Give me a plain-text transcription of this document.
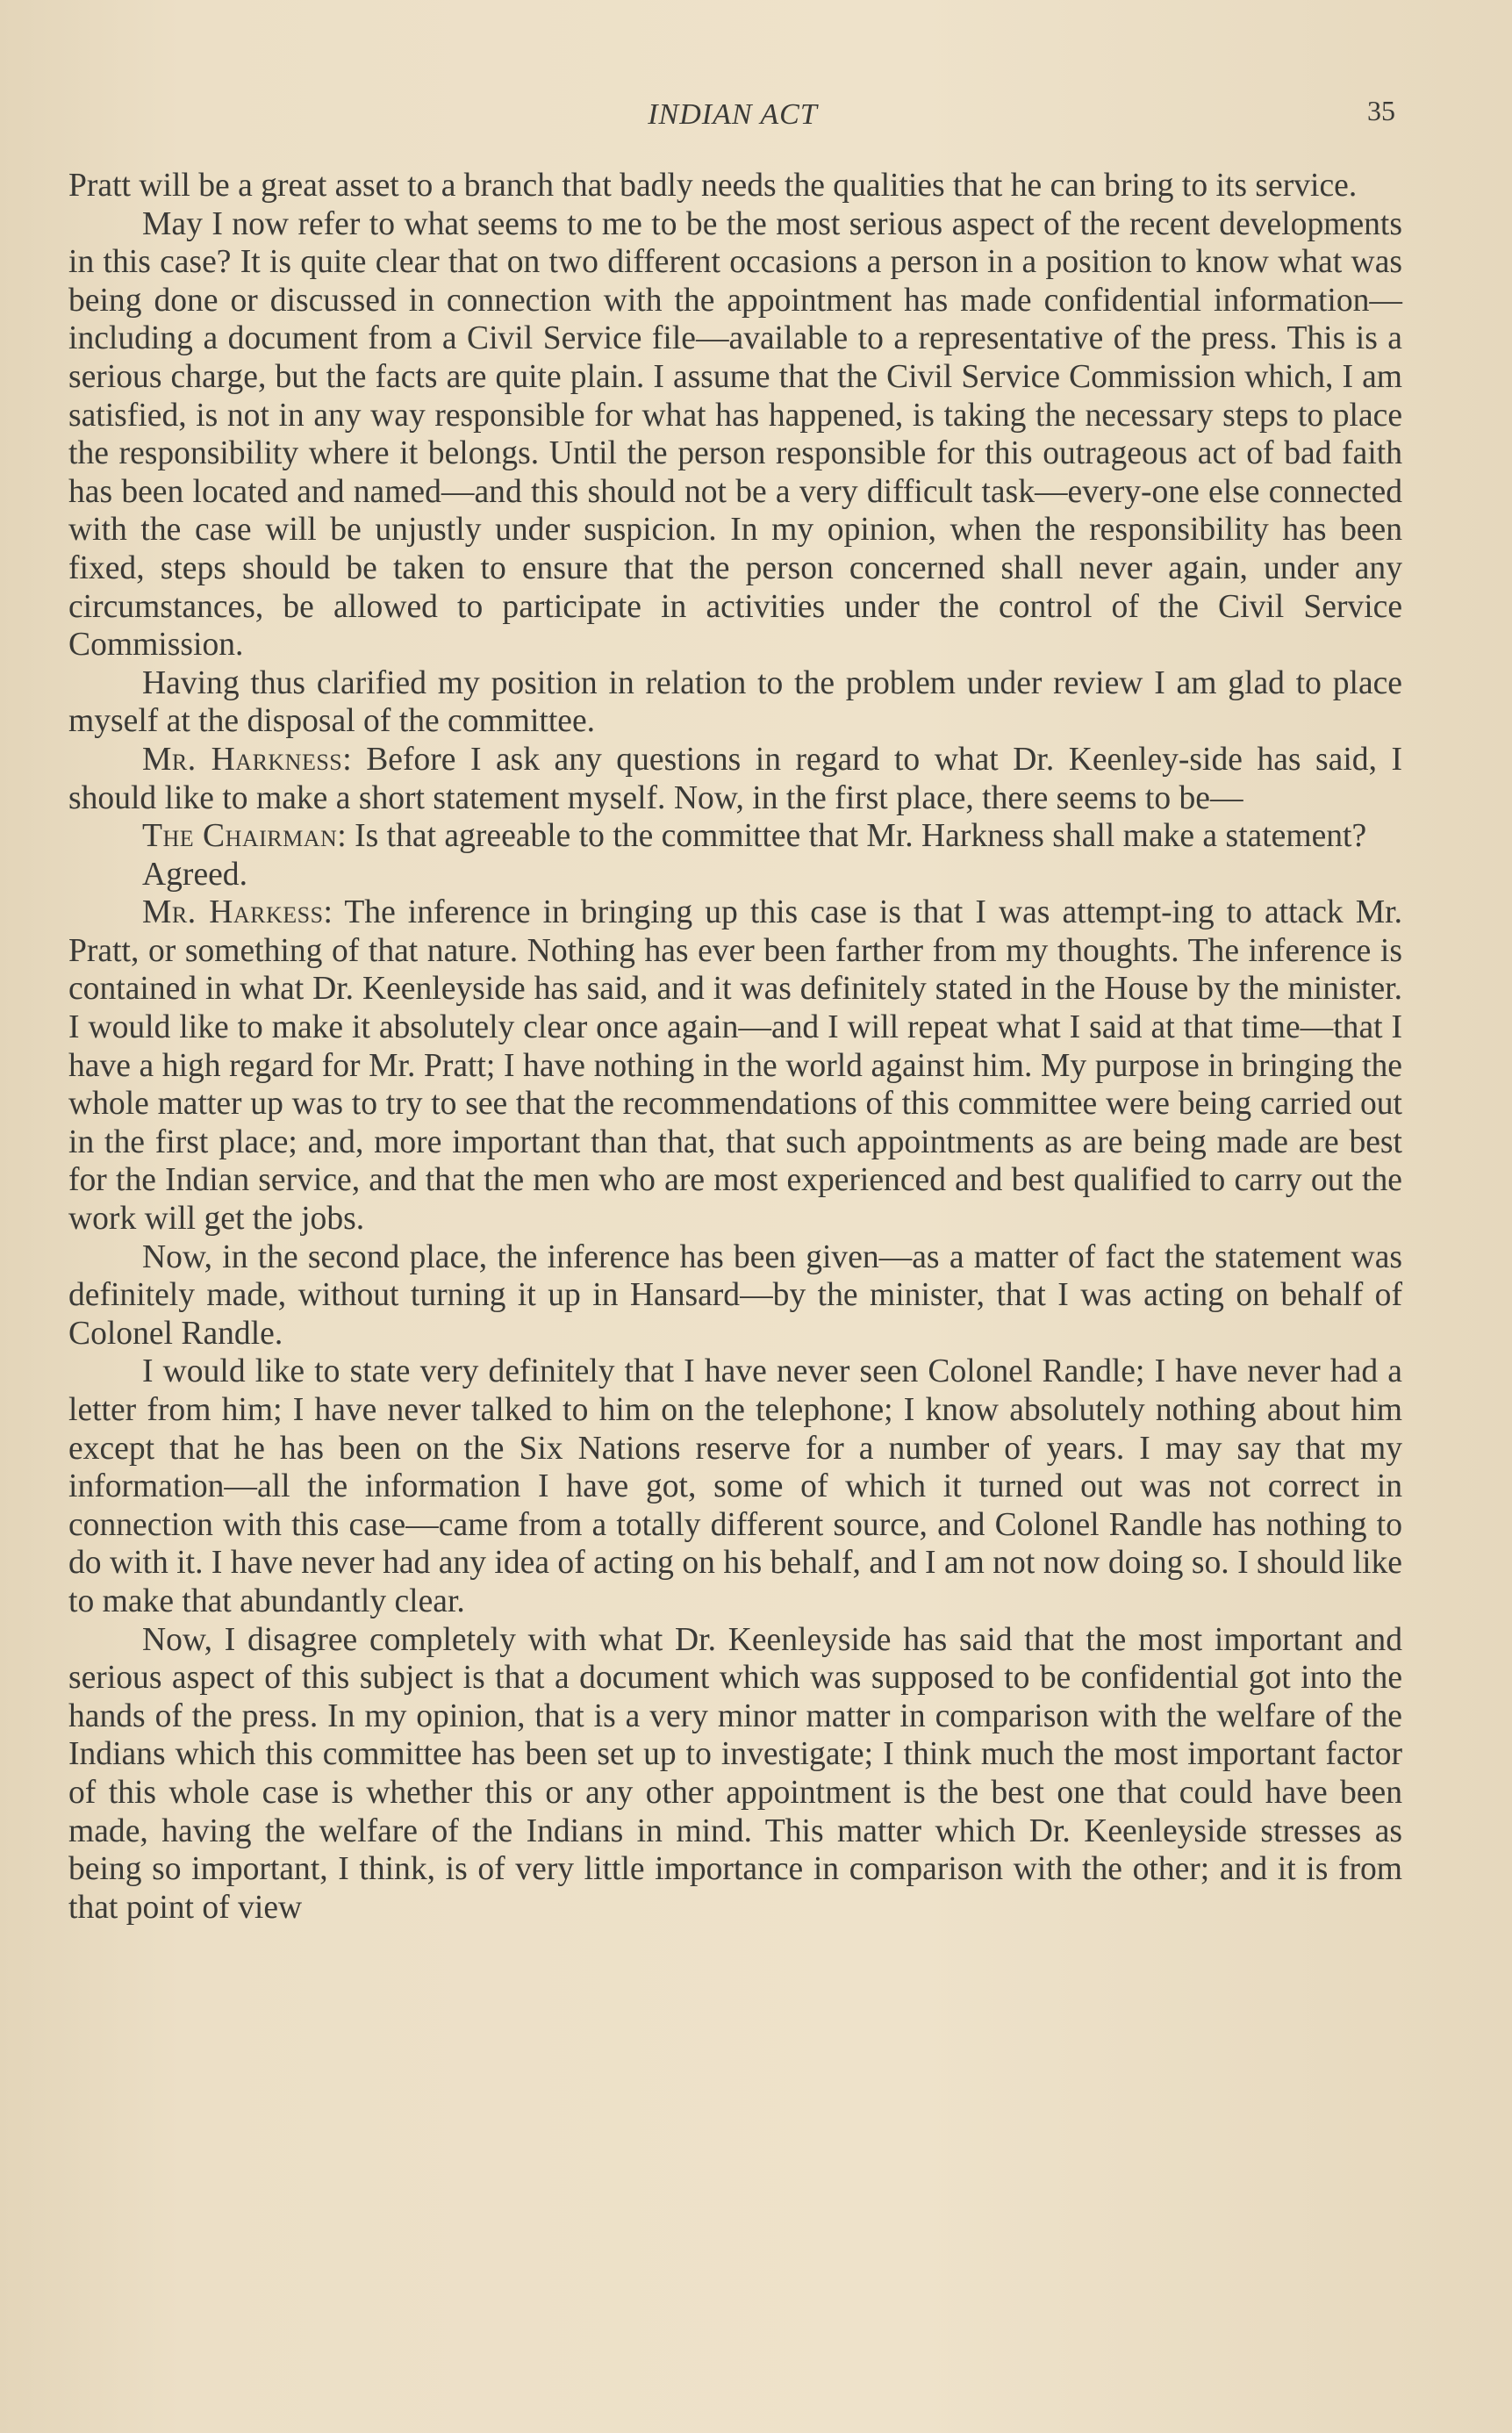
INDIAN ACT	35

Pratt will be a great asset to a branch that badly needs the qualities that he can bring to its service.

May I now refer to what seems to me to be the most serious aspect of the recent developments in this case? It is quite clear that on two different occasions a person in a position to know what was being done or discussed in connection with the appointment has made confidential information—including a document from a Civil Service file—available to a representative of the press. This is a serious charge, but the facts are quite plain. I assume that the Civil Service Commission which, I am satisfied, is not in any way responsible for what has happened, is taking the necessary steps to place the responsibility where it belongs. Until the person responsible for this outrageous act of bad faith has been located and named—and this should not be a very difficult task—every-one else connected with the case will be unjustly under suspicion. In my opinion, when the responsibility has been fixed, steps should be taken to ensure that the person concerned shall never again, under any circumstances, be allowed to participate in activities under the control of the Civil Service Commission.

Having thus clarified my position in relation to the problem under review I am glad to place myself at the disposal of the committee.

Mr. Harkness: Before I ask any questions in regard to what Dr. Keenley-side has said, I should like to make a short statement myself. Now, in the first place, there seems to be—

The Chairman: Is that agreeable to the committee that Mr. Harkness shall make a statement?

Agreed.

Mr. Harkess: The inference in bringing up this case is that I was attempt-ing to attack Mr. Pratt, or something of that nature. Nothing has ever been farther from my thoughts. The inference is contained in what Dr. Keenleyside has said, and it was definitely stated in the House by the minister. I would like to make it absolutely clear once again—and I will repeat what I said at that time—that I have a high regard for Mr. Pratt; I have nothing in the world against him. My purpose in bringing the whole matter up was to try to see that the recommendations of this committee were being carried out in the first place; and, more important than that, that such appointments as are being made are best for the Indian service, and that the men who are most experienced and best qualified to carry out the work will get the jobs.

Now, in the second place, the inference has been given—as a matter of fact the statement was definitely made, without turning it up in Hansard—by the minister, that I was acting on behalf of Colonel Randle.

I would like to state very definitely that I have never seen Colonel Randle; I have never had a letter from him; I have never talked to him on the telephone; I know absolutely nothing about him except that he has been on the Six Nations reserve for a number of years. I may say that my information—all the information I have got, some of which it turned out was not correct in connection with this case—came from a totally different source, and Colonel Randle has nothing to do with it. I have never had any idea of acting on his behalf, and I am not now doing so. I should like to make that abundantly clear.

Now, I disagree completely with what Dr. Keenleyside has said that the most important and serious aspect of this subject is that a document which was supposed to be confidential got into the hands of the press. In my opinion, that is a very minor matter in comparison with the welfare of the Indians which this committee has been set up to investigate; I think much the most important factor of this whole case is whether this or any other appointment is the best one that could have been made, having the welfare of the Indians in mind. This matter which Dr. Keenleyside stresses as being so important, I think, is of very little importance in comparison with the other; and it is from that point of view
